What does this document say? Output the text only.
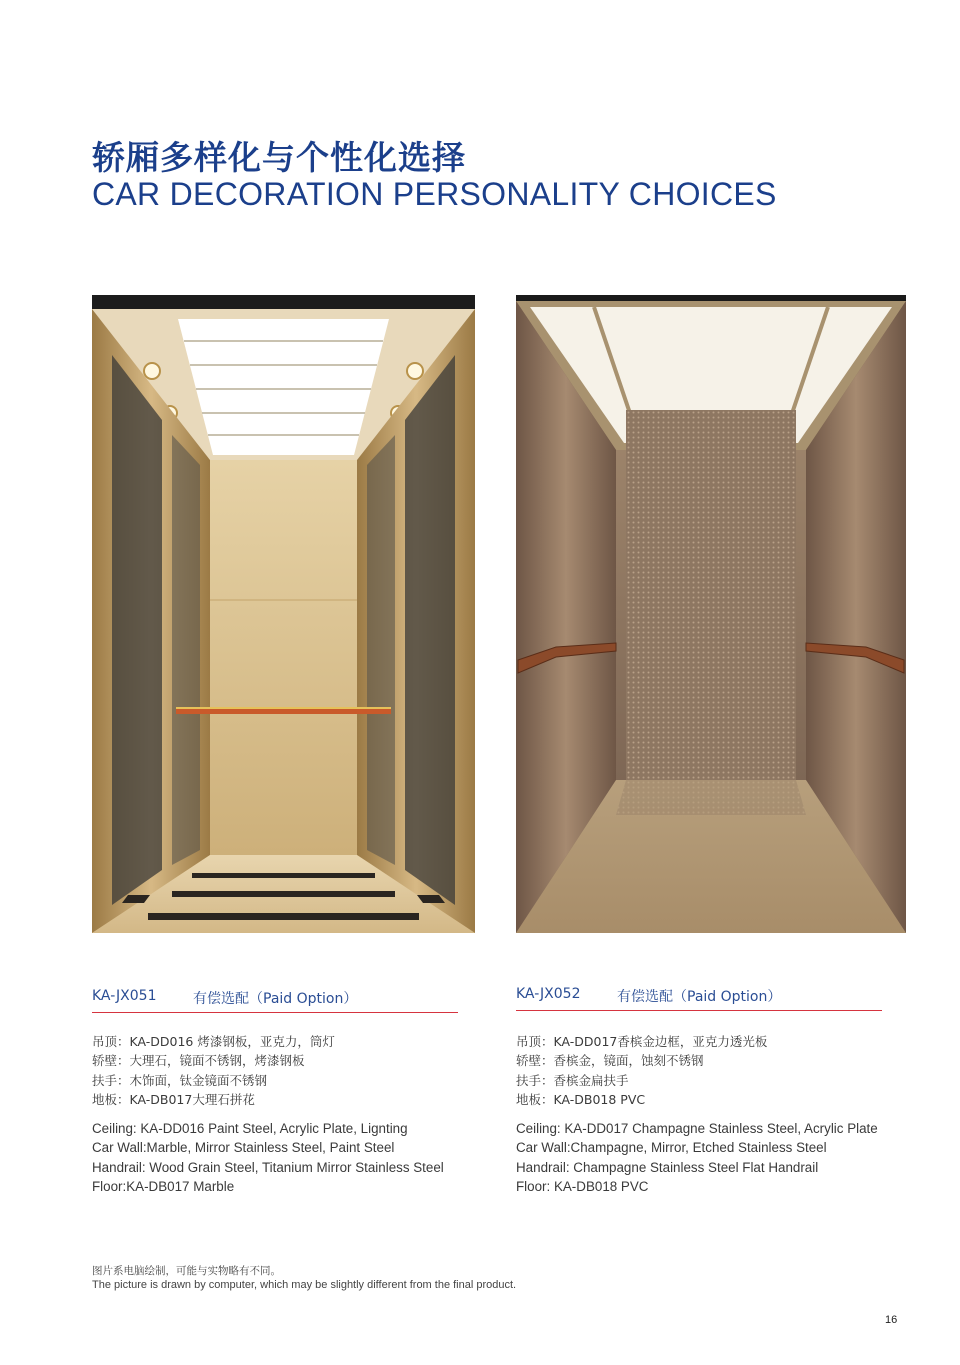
轿厢多样化与个性化选择
CAR DECORATION PERSONALITY CHOICES
KA-JX051	有偿选配（Paid Option）	KA-JX052	有偿选配（Paid Option）
吊顶：KA-DD016 烤漆钢板，亚克力，筒灯
轿壁：大理石，镜面不锈钢，烤漆钢板
扶手：木饰面，钛金镜面不锈钢
地板：KA-DB017大理石拼花
吊顶：KA-DD017香槟金边框，亚克力透光板
轿壁：香槟金，镜面，蚀刻不锈钢
扶手：香槟金扁扶手
地板：KA-DB018 PVC
Ceiling: KA-DD016 Paint Steel, Acrylic Plate, Lignting
Car Wall:Marble, Mirror Stainless Steel, Paint Steel
Handrail: Wood Grain Steel, Titanium Mirror Stainless Steel
Floor:KA-DB017 Marble
Ceiling: KA-DD017 Champagne Stainless Steel, Acrylic Plate
Car Wall:Champagne, Mirror, Etched Stainless Steel
Handrail: Champagne Stainless Steel Flat Handrail
Floor: KA-DB018 PVC
图片系电脑绘制，可能与实物略有不同。
The picture is drawn by computer, which may be slightly different from the final product.
16
